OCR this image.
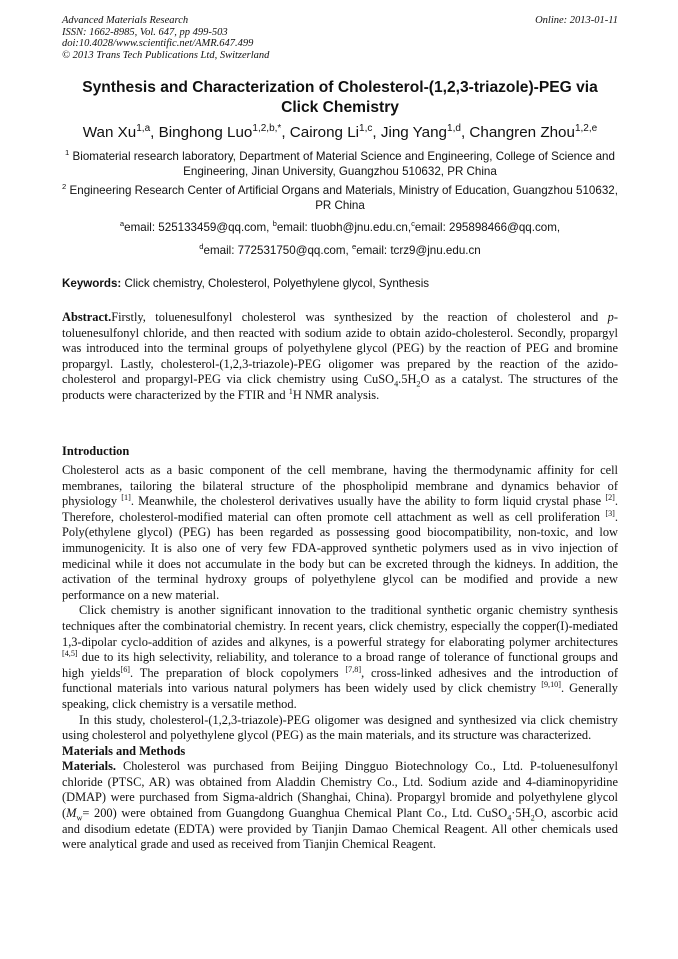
Advanced Materials Research
ISSN: 1662-8985, Vol. 647, pp 499-503
doi:10.4028/www.scientific.net/AMR.647.499
© 2013 Trans Tech Publications Ltd, Switzerland
Online: 2013-01-11
Synthesis and Characterization of Cholesterol-(1,2,3-triazole)-PEG via Click Chemistry
Wan Xu$^{1,a}$, Binghong Luo$^{1,2,b,*}$, Cairong Li$^{1,c}$, Jing Yang$^{1,d}$, Changren Zhou$^{1,2,e}$
$^1$ Biomaterial research laboratory, Department of Material Science and Engineering, College of Science and Engineering, Jinan University, Guangzhou 510632, PR China
$^2$ Engineering Research Center of Artificial Organs and Materials, Ministry of Education, Guangzhou 510632, PR China
$^a$email: 525133459@qq.com, $^b$email: tluobh@jnu.edu.cn,$^c$email: 295898466@qq.com,
$^d$email: 772531750@qq.com, $^e$email: tcrz9@jnu.edu.cn
Keywords: Click chemistry, Cholesterol, Polyethylene glycol, Synthesis
Abstract.Firstly, toluenesulfonyl cholesterol was synthesized by the reaction of cholesterol and p-toluenesulfonyl chloride, and then reacted with sodium azide to obtain azido-cholesterol. Secondly, propargyl was introduced into the terminal groups of polyethylene glycol (PEG) by the reaction of PEG and bromine propargyl. Lastly, cholesterol-(1,2,3-triazole)-PEG oligomer was prepared by the reaction of the azido-cholesterol and propargyl-PEG via click chemistry using $CuSO_4.5H_2O$ as a catalyst. The structures of the products were characterized by the FTIR and $^1$H NMR analysis.
Introduction

Cholesterol acts as a basic component of the cell membrane, having the thermodynamic affinity for cell membranes, tailoring the bilateral structure of the phospholipid membrane and dynamics behavior of physiology [1]. Meanwhile, the cholesterol derivatives usually have the ability to form liquid crystal phase [2]. Therefore, cholesterol-modified material can often promote cell attachment as well as cell proliferation [3]. Poly(ethylene glycol) (PEG) has been regarded as possessing good biocompatibility, non-toxic, and low immunogenicity. It is also one of very few FDA-approved synthetic polymers used as in vivo injection of medicinal while it does not accumulate in the body but can be excreted through the kidneys. In addition, the activation of the terminal hydroxy groups of polyethylene glycol can be modified and provide a new performance on a new material.

Click chemistry is another significant innovation to the traditional synthetic organic chemistry synthesis techniques after the combinatorial chemistry. In recent years, click chemistry, especially the copper(I)-mediated 1,3-dipolar cyclo-addition of azides and alkynes, is a powerful strategy for elaborating polymer architectures [4,5] due to its high selectivity, reliability, and tolerance to a broad range of tolerance of functional groups and high yields[6]. The preparation of block copolymers [7,8], cross-linked adhesives and the introduction of functional materials into various natural polymers has been widely used by click chemistry [9,10]. Generally speaking, click chemistry is a versatile method.

In this study, cholesterol-(1,2,3-triazole)-PEG oligomer was designed and synthesized via click chemistry using cholesterol and polyethylene glycol (PEG) as the main materials, and its structure was characterized.

Materials and Methods

Materials. Cholesterol was purchased from Beijing Dingguo Biotechnology Co., Ltd. P-toluenesulfonyl chloride (PTSC, AR) was obtained from Aladdin Chemistry Co., Ltd. Sodium azide and 4-diaminopyridine (DMAP) were purchased from Sigma-aldrich (Shanghai, China). Propargyl bromide and polyethylene glycol $(M_w= 200)$ were obtained from Guangdong Guanghua Chemical Plant Co., Ltd. $CuSO_4\cdot 5H_2O$, ascorbic acid and disodium edetate (EDTA) were provided by Tianjin Damao Chemical Reagent. All other chemicals used were analytical grade and used as received from Tianjin Chemical Reagent.
